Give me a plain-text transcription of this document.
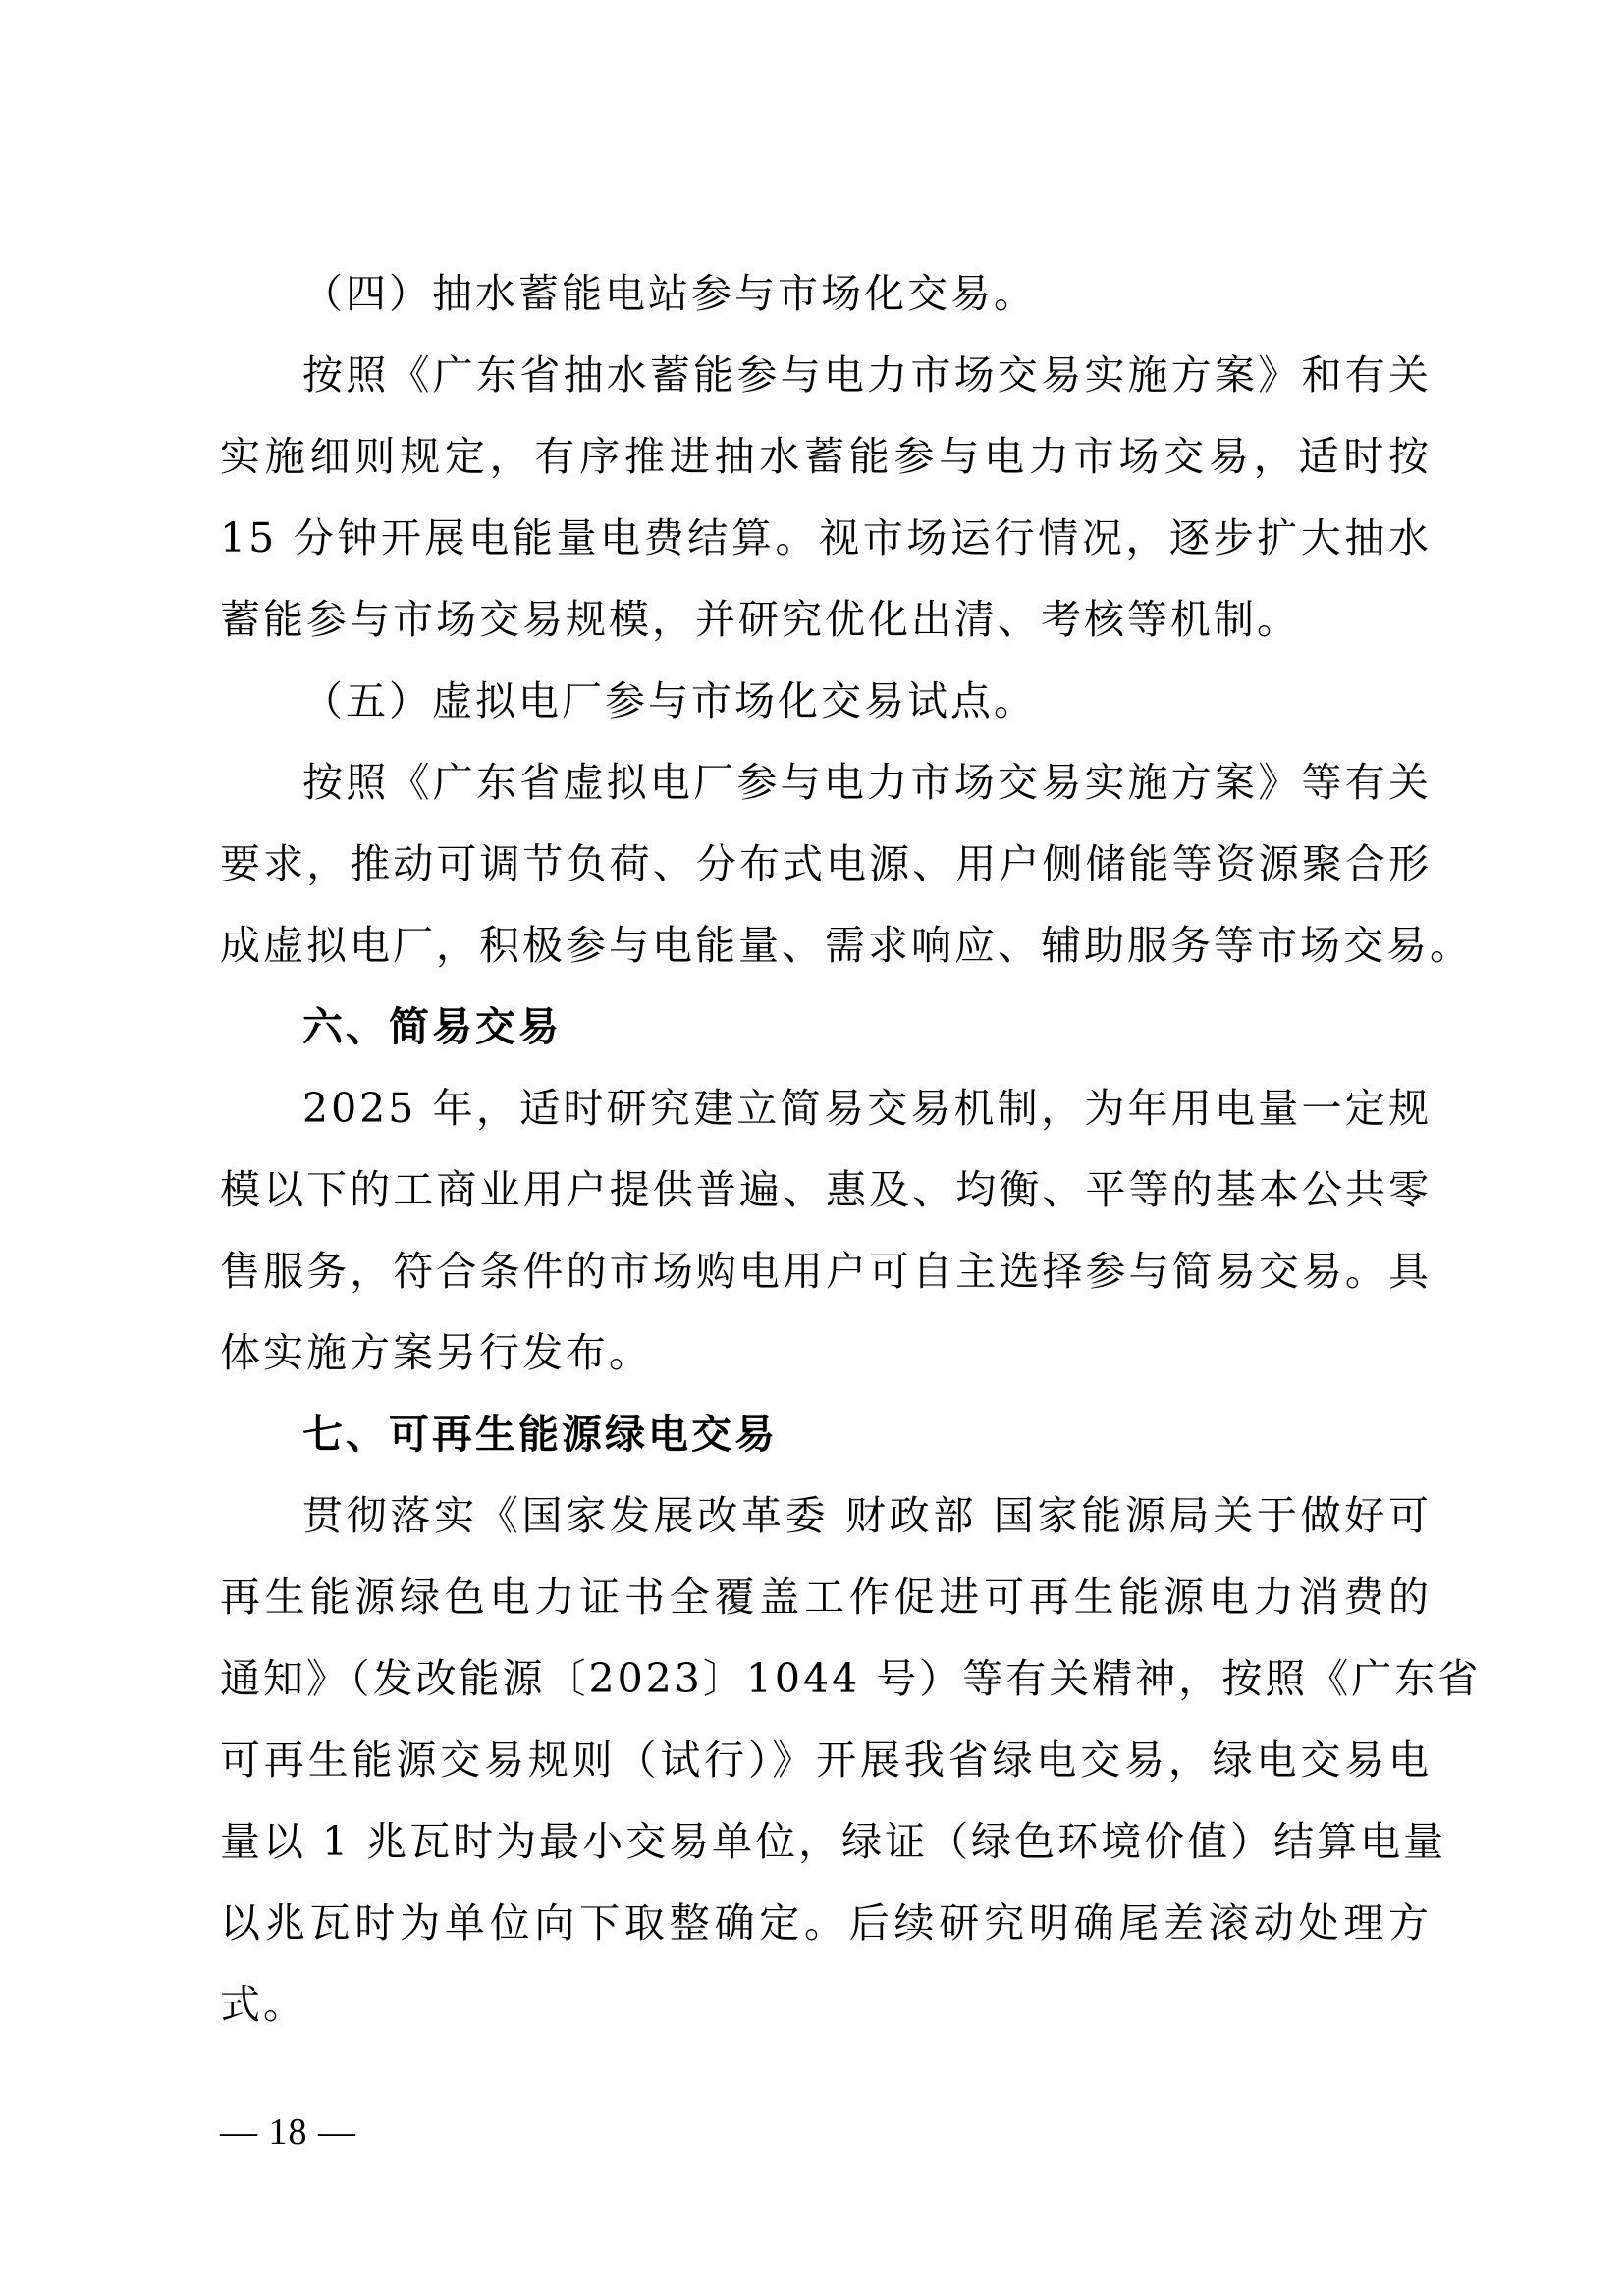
（四）抽水蓄能电站参与市场化交易。

按照《广东省抽水蓄能参与电力市场交易实施方案》和有关

实施细则规定，有序推进抽水蓄能参与电力市场交易，适时按

15 分钟开展电能量电费结算。视市场运行情况，逐步扩大抽水

蓄能参与市场交易规模，并研究优化出清、考核等机制。

（五）虚拟电厂参与市场化交易试点。

按照《广东省虚拟电厂参与电力市场交易实施方案》等有关

要求，推动可调节负荷、分布式电源、用户侧储能等资源聚合形

成虚拟电厂，积极参与电能量、需求响应、辅助服务等市场交易。

六、简易交易

2025 年，适时研究建立简易交易机制，为年用电量一定规

模以下的工商业用户提供普遍、惠及、均衡、平等的基本公共零

售服务，符合条件的市场购电用户可自主选择参与简易交易。具

体实施方案另行发布。

七、可再生能源绿电交易

贯彻落实《国家发展改革委 财政部 国家能源局关于做好可

再生能源绿色电力证书全覆盖工作促进可再生能源电力消费的

通知》（发改能源〔2023〕1044 号）等有关精神，按照《广东省

可再生能源交易规则（试行）》开展我省绿电交易，绿电交易电

量以 1 兆瓦时为最小交易单位，绿证（绿色环境价值）结算电量

以兆瓦时为单位向下取整确定。后续研究明确尾差滚动处理方

式。

— 18 —
